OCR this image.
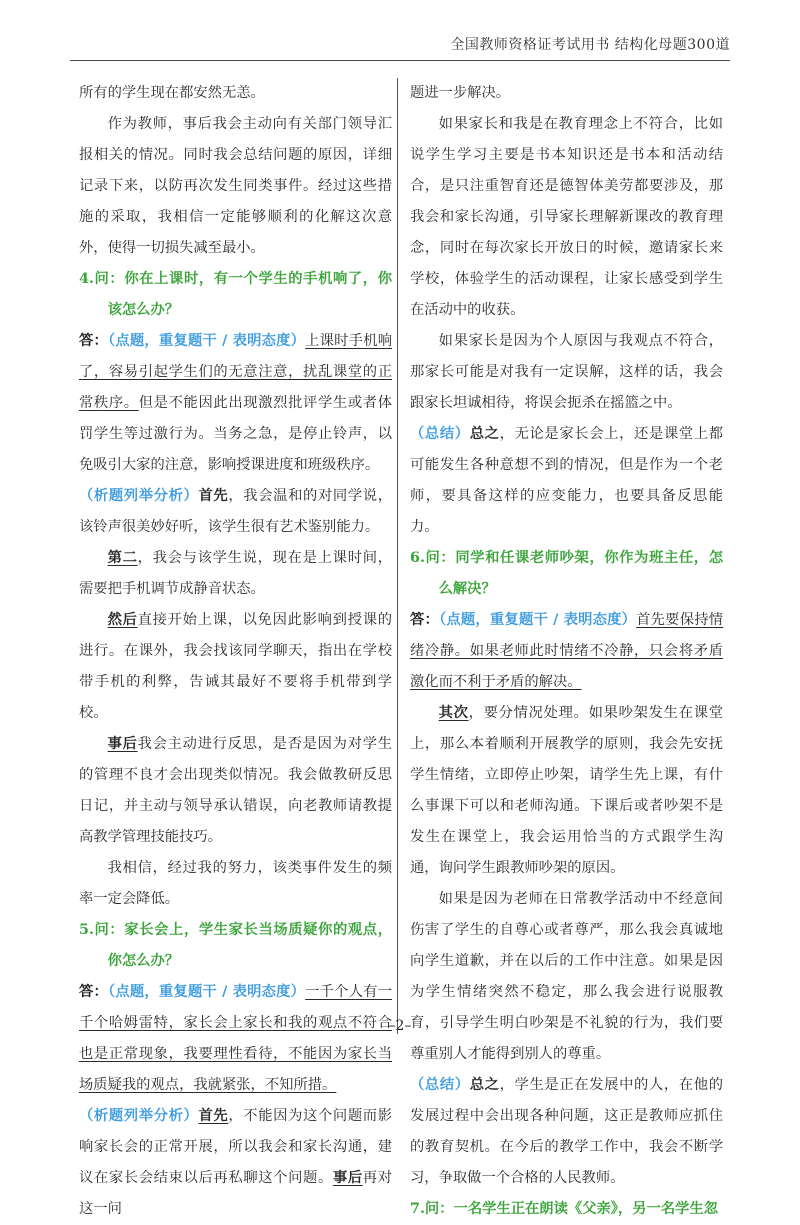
全国教师资格证考试用书 结构化母题300道

所有的学生现在都安然无恙。

作为教师，事后我会主动向有关部门领导汇报相关的情况。同时我会总结问题的原因，详细记录下来，以防再次发生同类事件。经过这些措施的采取，我相信一定能够顺利的化解这次意外，使得一切损失减至最小。

4.问：你在上课时，有一个学生的手机响了，你该怎么办？

答：（点题，重复题干 / 表明态度）上课时手机响了，容易引起学生们的无意注意，扰乱课堂的正常秩序。但是不能因此出现激烈批评学生或者体罚学生等过激行为。当务之急，是停止铃声，以免吸引大家的注意，影响授课进度和班级秩序。

（析题列举分析）首先，我会温和的对同学说，该铃声很美妙好听，该学生很有艺术鉴别能力。

第二，我会与该学生说，现在是上课时间，需要把手机调节成静音状态。

然后直接开始上课，以免因此影响到授课的进行。在课外，我会找该同学聊天，指出在学校带手机的利弊，告诫其最好不要将手机带到学校。

事后我会主动进行反思，是否是因为对学生的管理不良才会出现类似情况。我会做教研反思日记，并主动与领导承认错误，向老教师请教提高教学管理技能技巧。

我相信，经过我的努力，该类事件发生的频率一定会降低。

5.问：家长会上，学生家长当场质疑你的观点，你怎么办？

答：（点题，重复题干 / 表明态度）一千个人有一千个哈姆雷特，家长会上家长和我的观点不符合也是正常现象，我要理性看待，不能因为家长当场质疑我的观点，我就紧张，不知所措。

（析题列举分析）首先，不能因为这个问题而影响家长会的正常开展，所以我会和家长沟通，建议在家长会结束以后再私聊这个问题。事后再对这一问

题进一步解决。

如果家长和我是在教育理念上不符合，比如说学生学习主要是书本知识还是书本和活动结合，是只注重智育还是德智体美劳都要涉及，那我会和家长沟通，引导家长理解新课改的教育理念，同时在每次家长开放日的时候，邀请家长来学校，体验学生的活动课程，让家长感受到学生在活动中的收获。

如果家长是因为个人原因与我观点不符合，那家长可能是对我有一定误解，这样的话，我会跟家长坦诚相待，将误会扼杀在摇篮之中。

（总结）总之，无论是家长会上，还是课堂上都可能发生各种意想不到的情况，但是作为一个老师，要具备这样的应变能力，也要具备反思能力。

6.问：同学和任课老师吵架，你作为班主任，怎么解决？

答：（点题，重复题干 / 表明态度）首先要保持情绪冷静。如果老师此时情绪不冷静，只会将矛盾激化而不利于矛盾的解决。

其次，要分情况处理。如果吵架发生在课堂上，那么本着顺利开展教学的原则，我会先安抚学生情绪，立即停止吵架，请学生先上课，有什么事课下可以和老师沟通。下课后或者吵架不是发生在课堂上，我会运用恰当的方式跟学生沟通，询问学生跟教师吵架的原因。

如果是因为老师在日常教学活动中不经意间伤害了学生的自尊心或者尊严，那么我会真诚地向学生道歉，并在以后的工作中注意。如果是因为学生情绪突然不稳定，那么我会进行说服教育，引导学生明白吵架是不礼貌的行为，我们要尊重别人才能得到别人的尊重。

（总结）总之，学生是正在发展中的人，在他的发展过程中会出现各种问题，这正是教师应抓住的教育契机。在今后的教学工作中，我会不断学习，争取做一个合格的人民教师。

7.问：一名学生正在朗读《父亲》，另一名学生忽

–2–
